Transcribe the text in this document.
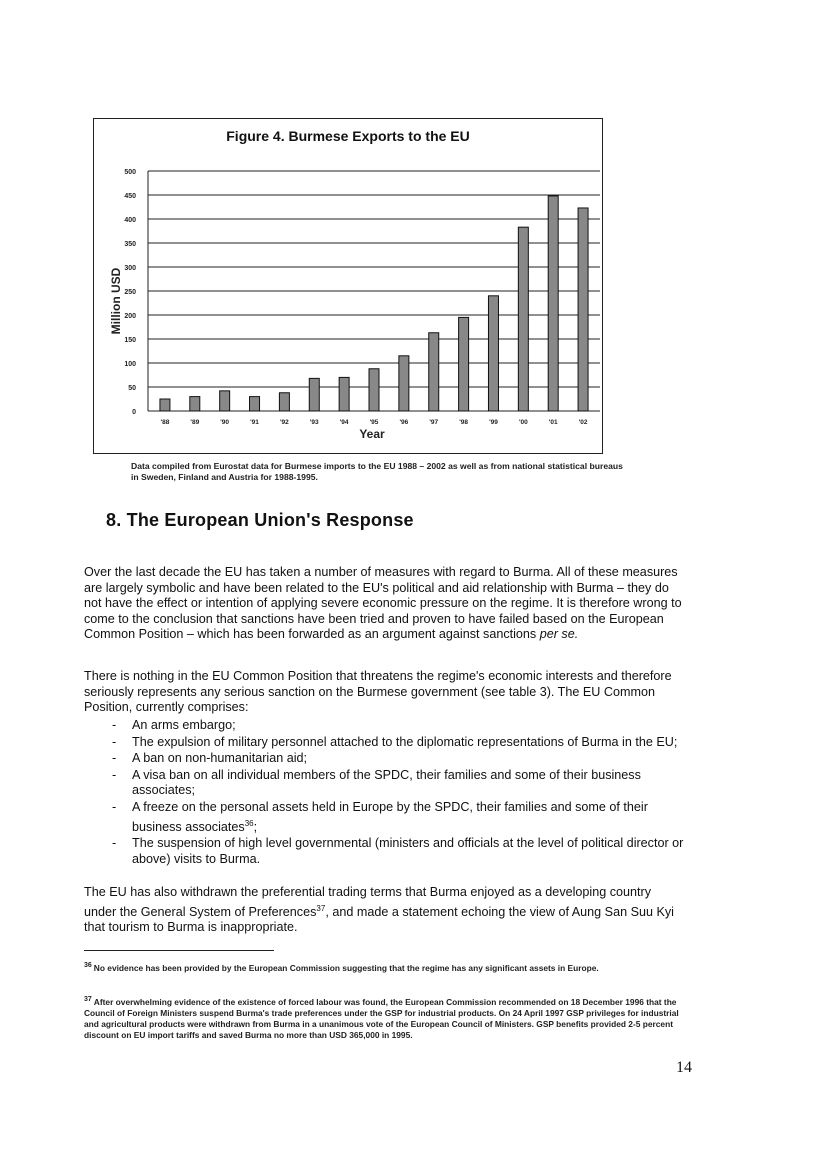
Figure 4. Burmese Exports to the EU
0
50
100
150
200
250
300
350
400
450
500
Million USD
'88	'89	'90	'91	'92	'93	'94	'95	'96	'97	'98	'99	'00	'01	'02
Year
Data compiled from Eurostat data for Burmese imports to the EU 1988 – 2002 as well as from national statistical bureaus in Sweden, Finland and Austria for 1988-1995.
8. The European Union's Response

Over the last decade the EU has taken a number of measures with regard to Burma. All of these measures are largely symbolic and have been related to the EU's political and aid relationship with Burma – they do not have the effect or intention of applying severe economic pressure on the regime. It is therefore wrong to come to the conclusion that sanctions have been tried and proven to have failed based on the European Common Position – which has been forwarded as an argument against sanctions per se.

There is nothing in the EU Common Position that threatens the regime's economic interests and therefore seriously represents any serious sanction on the Burmese government (see table 3). The EU Common Position, currently comprises:

- An arms embargo;
- The expulsion of military personnel attached to the diplomatic representations of Burma in the EU;
- A ban on non-humanitarian aid;
- A visa ban on all individual members of the SPDC, their families and some of their business associates;
- A freeze on the personal assets held in Europe by the SPDC, their families and some of their business associates$^{36}$;
- The suspension of high level governmental (ministers and officials at the level of political director or above) visits to Burma.

The EU has also withdrawn the preferential trading terms that Burma enjoyed as a developing country under the General System of Preferences$^{37}$, and made a statement echoing the view of Aung San Suu Kyi that tourism to Burma is inappropriate.

$^{36}$ No evidence has been provided by the European Commission suggesting that the regime has any significant assets in Europe.

$^{37}$ After overwhelming evidence of the existence of forced labour was found, the European Commission recommended on 18 December 1996 that the Council of Foreign Ministers suspend Burma's trade preferences under the GSP for industrial products. On 24 April 1997 GSP privileges for industrial and agricultural products were withdrawn from Burma in a unanimous vote of the European Council of Ministers. GSP benefits provided 2-5 percent discount on EU import tariffs and saved Burma no more than USD 365,000 in 1995.

14
